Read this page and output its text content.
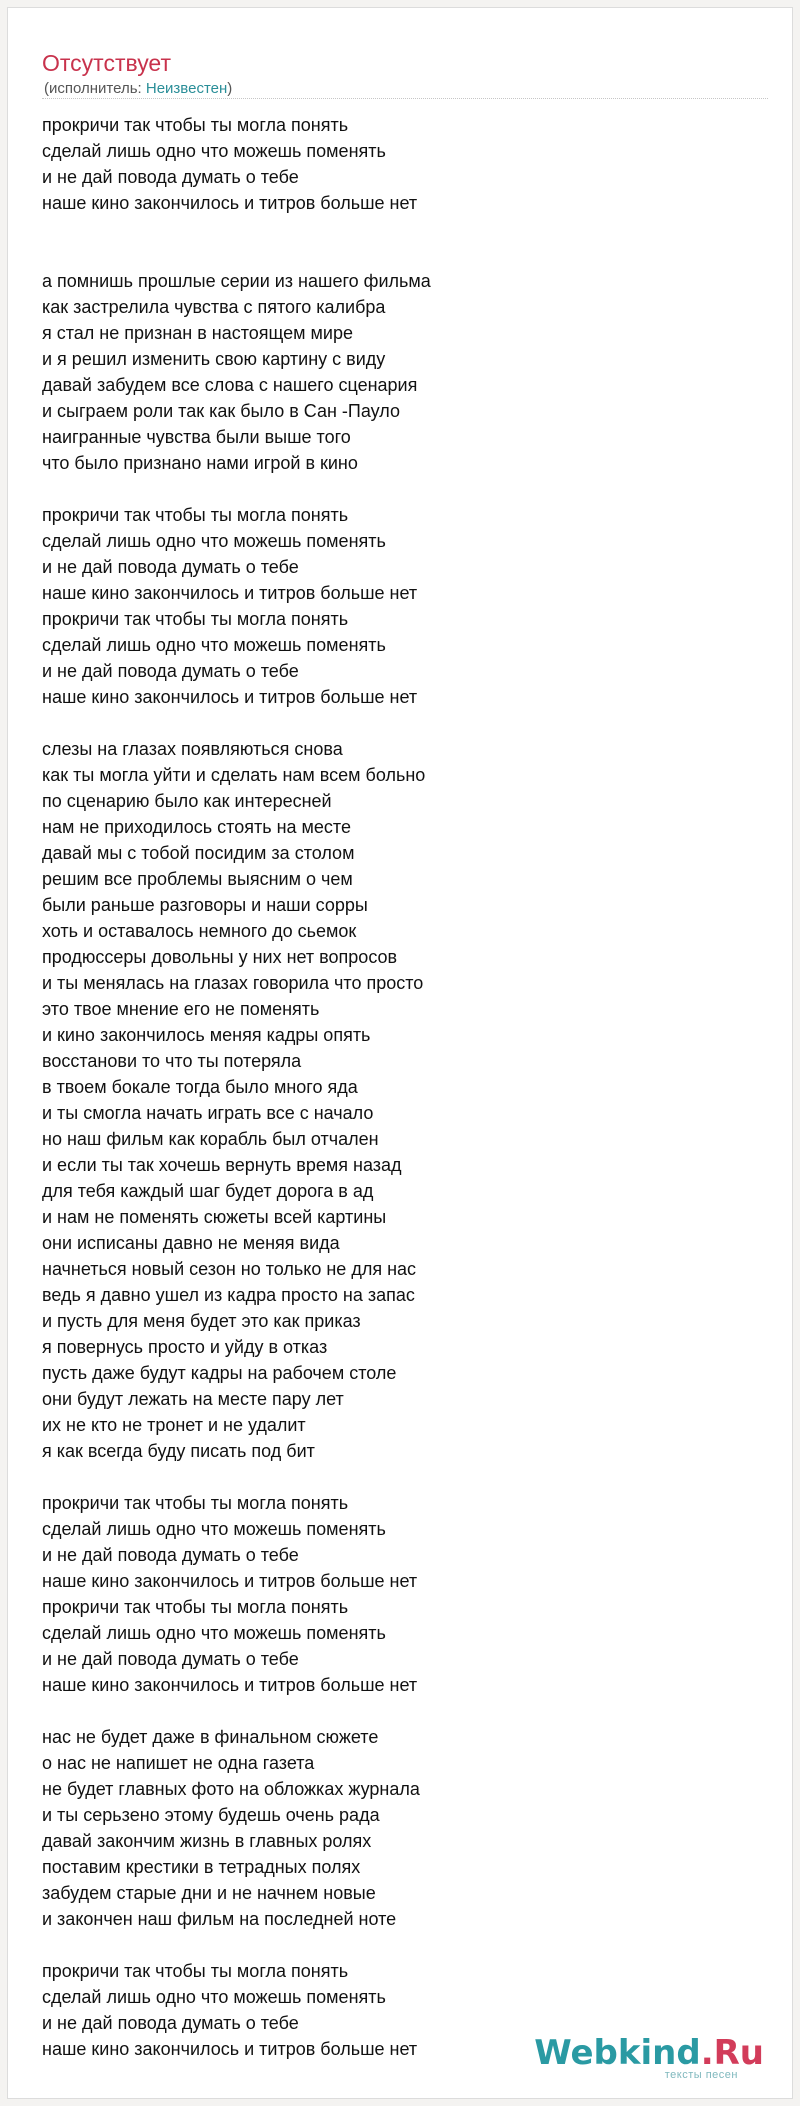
Отсутствует
(исполнитель: Неизвестен)
прокричи так чтобы ты могла понять
сделай лишь одно что можешь поменять
и не дай повода думать о тебе
наше кино закончилось и титров больше нет
а помнишь прошлые серии из нашего фильма
как застрелила чувства с пятого калибра
я стал не признан в настоящем мире
и я решил изменить свою картину с виду
давай забудем все слова с нашего сценария
и сыграем роли так как было в Сан -Пауло
наигранные чувства были выше того
что было признано нами игрой в кино
прокричи так чтобы ты могла понять
сделай лишь одно что можешь поменять
и не дай повода думать о тебе
наше кино закончилось и титров больше нет
прокричи так чтобы ты могла понять
сделай лишь одно что можешь поменять
и не дай повода думать о тебе
наше кино закончилось и титров больше нет
слезы на глазах появляються снова
как ты могла уйти и сделать нам всем больно
по сценарию было как интересней
нам не приходилось стоять на месте
давай мы с тобой посидим за столом
решим все проблемы выясним о чем
были раньше разговоры и наши сорры
хоть и оставалось немного до сьемок
продюссеры довольны у них нет вопросов
и ты менялась на глазах говорила что просто
это твое мнение его не поменять
и кино закончилось меняя кадры опять
восстанови то что ты потеряла
в твоем бокале тогда было много яда
и ты смогла начать играть все с начало
но наш фильм как корабль был отчален
и если ты так хочешь вернуть время назад
для тебя каждый шаг будет дорога в ад
и нам не поменять сюжеты всей картины
они исписаны давно не меняя вида
начнеться новый сезон но только не для нас
ведь я давно ушел из кадра просто на запас
и пусть для меня будет это как приказ
я повернусь просто и уйду в отказ
пусть даже будут кадры на рабочем столе
они будут лежать на месте пару лет
их не кто не тронет и не удалит
я как всегда буду писать под бит
прокричи так чтобы ты могла понять
сделай лишь одно что можешь поменять
и не дай повода думать о тебе
наше кино закончилось и титров больше нет
прокричи так чтобы ты могла понять
сделай лишь одно что можешь поменять
и не дай повода думать о тебе
наше кино закончилось и титров больше нет
нас не будет даже в финальном сюжете
о нас не напишет не одна газета
не будет главных фото на обложках журнала
и ты серьзено этому будешь очень рада
давай закончим жизнь в главных ролях
поставим крестики в тетрадных полях
забудем старые дни и не начнем новые
и закончен наш фильм на последней ноте
прокричи так чтобы ты могла понять
сделай лишь одно что можешь поменять
и не дай повода думать о тебе
наше кино закончилось и титров больше нет	Webkind.Ru
тексты песен
